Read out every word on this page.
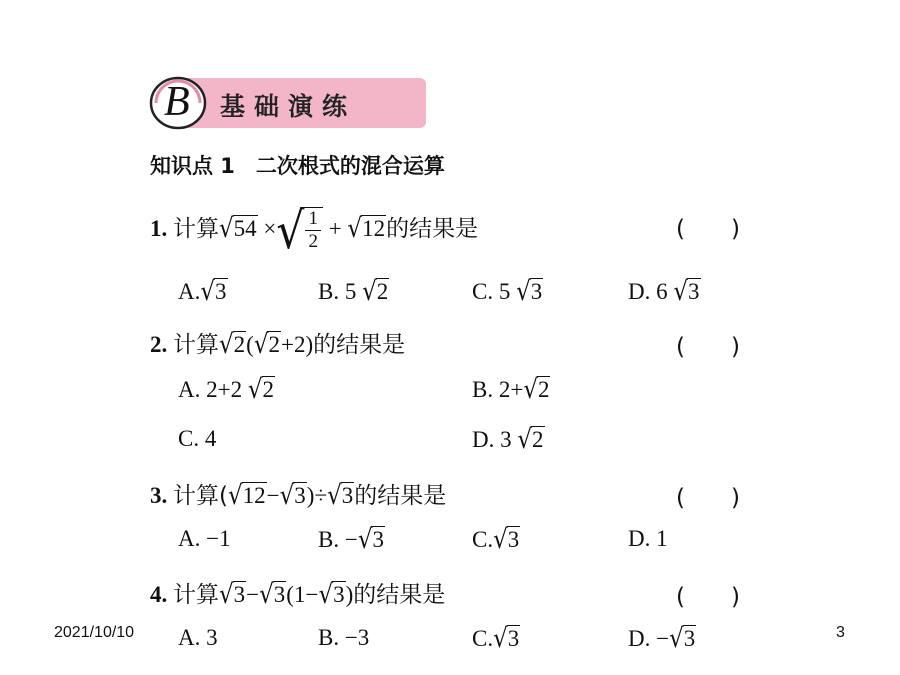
B 基础演练
知识点 1　二次根式的混合运算
1. 计算√54 ×√ $\frac{1}{2} + √12$的结果是	(　　)
A.√3	B. 5 √2	C. 5 √3	D. 6 √3
2. 计算√2(√2+2)的结果是	(　　)
A. 2+2 √2	B. 2+√2
C. 4	D. 3 √2
3. 计算(√12−√3)÷√3的结果是	(　　)
A. −1	B. −√3	C.√3	D. 1
4. 计算√3−√3(1−√3)的结果是	(　　)
A. 3	B. −3	C.√3	D. −√3
2021/10/10	3
